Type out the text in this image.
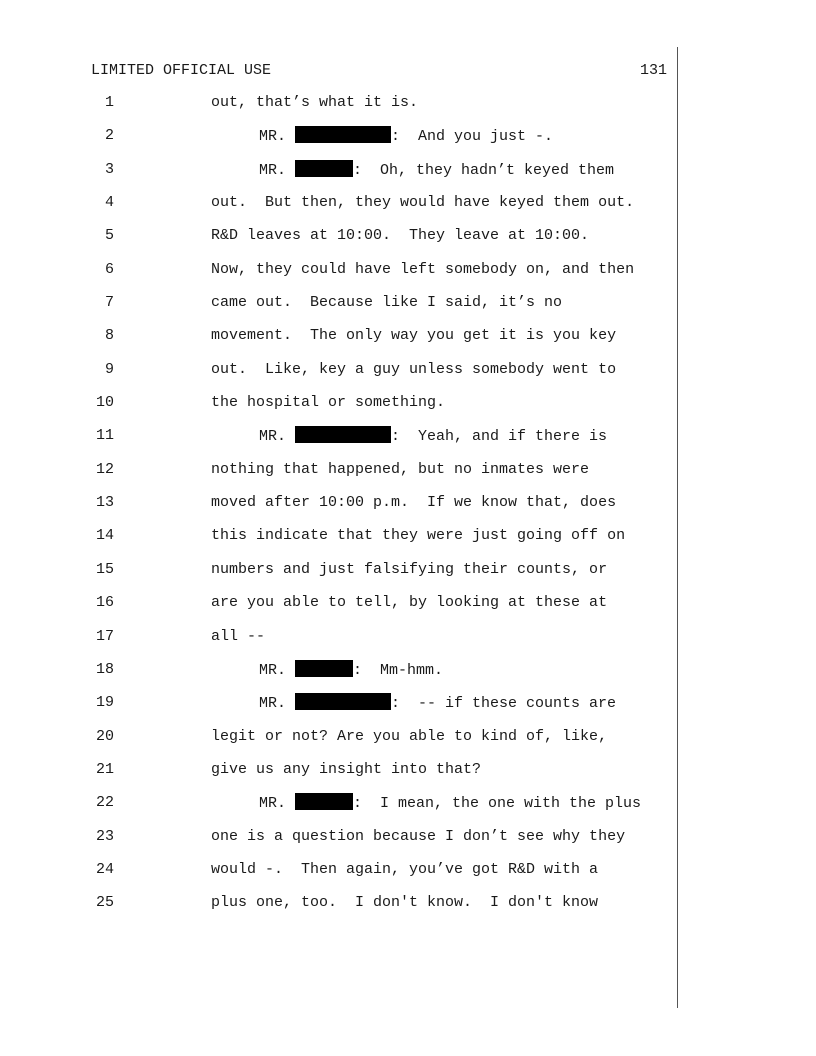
LIMITED OFFICIAL USE	131
1	out, that’s what it is.
2	MR.	:  And you just -.
3	MR.	:  Oh, they hadn’t keyed them
4	out.  But then, they would have keyed them out.
5	R&D leaves at 10:00.  They leave at 10:00.
6	Now, they could have left somebody on, and then
7	came out.  Because like I said, it’s no
8	movement.  The only way you get it is you key
9	out.  Like, key a guy unless somebody went to
10	the hospital or something.
11	MR.	:  Yeah, and if there is
12	nothing that happened, but no inmates were
13	moved after 10:00 p.m.  If we know that, does
14	this indicate that they were just going off on
15	numbers and just falsifying their counts, or
16	are you able to tell, by looking at these at
17	all --
18	MR.	:  Mm-hmm.
19	MR.	:  -- if these counts are
20	legit or not? Are you able to kind of, like,
21	give us any insight into that?
22	MR.	:  I mean, the one with the plus
23	one is a question because I don’t see why they
24	would -.  Then again, you’ve got R&D with a
25	plus one, too.  I don't know.  I don't know
